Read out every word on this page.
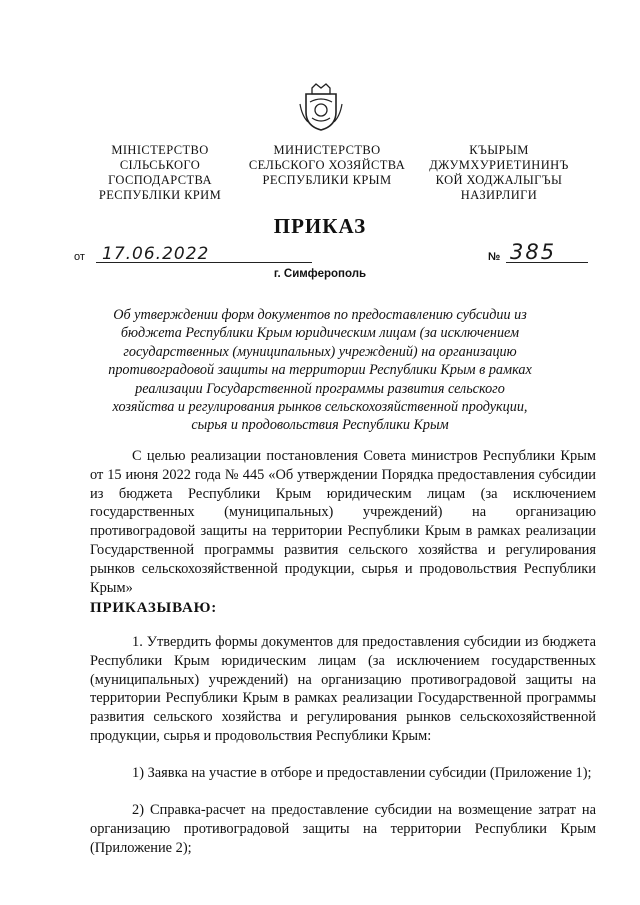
МІНІСТЕРСТВО
СІЛЬСЬКОГО
ГОСПОДАРСТВА
РЕСПУБЛІКИ КРИМ
МИНИСТЕРСТВО
СЕЛЬСКОГО ХОЗЯЙСТВА
РЕСПУБЛИКИ КРЫМ
КЪЫРЫМ
ДЖУМХУРИЕТИНИНЪ
КОЙ ХОДЖАЛЫГЪЫ
НАЗИРЛИГИ
ПРИКАЗ
от	17.06.2022	№ 385
г. Симферополь
Об утверждении форм документов по предоставлению субсидии из бюджета Республики Крым юридическим лицам (за исключением государственных (муниципальных) учреждений) на организацию противоградовой защиты на территории Республики Крым в рамках реализации Государственной программы развития сельского хозяйства и регулирования рынков сельскохозяйственной продукции, сырья и продовольствия Республики Крым
С целью реализации постановления Совета министров Республики Крым от 15 июня 2022 года № 445 «Об утверждении Порядка предоставления субсидии из бюджета Республики Крым юридическим лицам (за исключением государственных (муниципальных) учреждений) на организацию противоградовой защиты на территории Республики Крым в рамках реализации Государственной программы развития сельского хозяйства и регулирования рынков сельскохозяйственной продукции, сырья и продовольствия Республики Крым»
ПРИКАЗЫВАЮ:
1. Утвердить формы документов для предоставления субсидии из бюджета Республики Крым юридическим лицам (за исключением государственных (муниципальных) учреждений) на организацию противоградовой защиты на территории Республики Крым в рамках реализации Государственной программы развития сельского хозяйства и регулирования рынков сельскохозяйственной продукции, сырья и продовольствия Республики Крым:
1) Заявка на участие в отборе и предоставлении субсидии (Приложение 1);
2) Справка-расчет на предоставление субсидии на возмещение затрат на организацию противоградовой защиты на территории Республики Крым (Приложение 2);
